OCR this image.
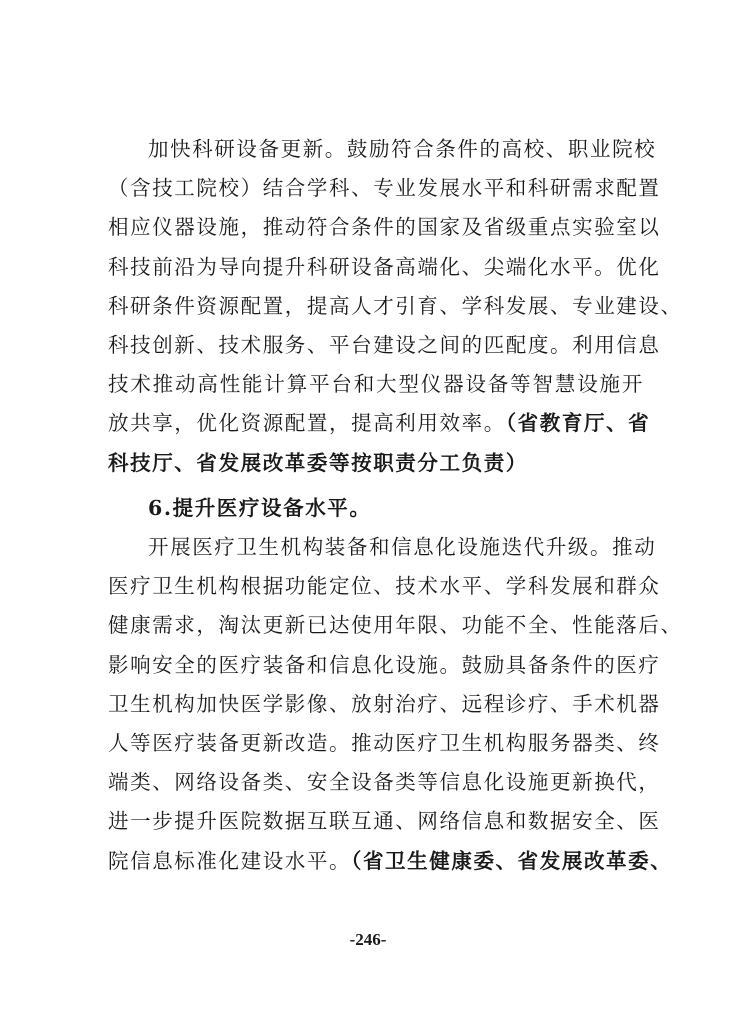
加快科研设备更新。鼓励符合条件的高校、职业院校
（含技工院校）结合学科、专业发展水平和科研需求配置
相应仪器设施，推动符合条件的国家及省级重点实验室以
科技前沿为导向提升科研设备高端化、尖端化水平。优化
科研条件资源配置，提高人才引育、学科发展、专业建设、
科技创新、技术服务、平台建设之间的匹配度。利用信息
技术推动高性能计算平台和大型仪器设备等智慧设施开
放共享，优化资源配置，提高利用效率。（省教育厅、省
科技厅、省发展改革委等按职责分工负责）
6.提升医疗设备水平。
开展医疗卫生机构装备和信息化设施迭代升级。推动
医疗卫生机构根据功能定位、技术水平、学科发展和群众
健康需求，淘汰更新已达使用年限、功能不全、性能落后、
影响安全的医疗装备和信息化设施。鼓励具备条件的医疗
卫生机构加快医学影像、放射治疗、远程诊疗、手术机器
人等医疗装备更新改造。推动医疗卫生机构服务器类、终
端类、网络设备类、安全设备类等信息化设施更新换代，
进一步提升医院数据互联互通、网络信息和数据安全、医
院信息标准化建设水平。（省卫生健康委、省发展改革委、
-246-
